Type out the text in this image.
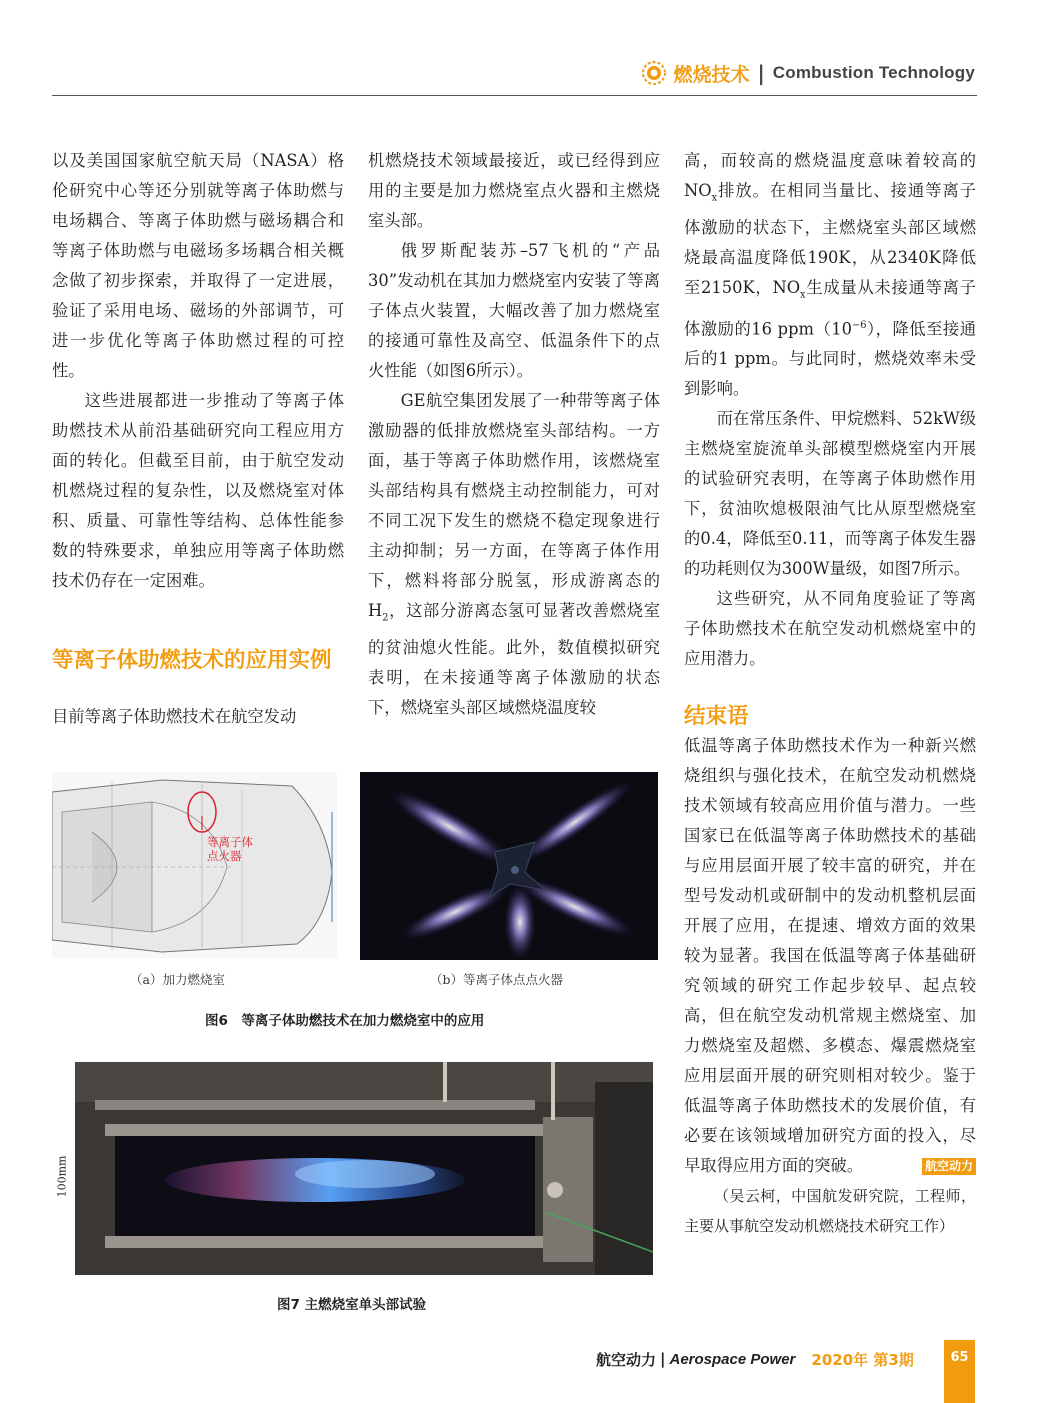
燃烧技术 | Combustion Technology

以及美国国家航空航天局（NASA）格伦研究中心等还分别就等离子体助燃与电场耦合、等离子体助燃与磁场耦合和等离子体助燃与电磁场多场耦合相关概念做了初步探索，并取得了一定进展，验证了采用电场、磁场的外部调节，可进一步优化等离子体助燃过程的可控性。

这些进展都进一步推动了等离子体助燃技术从前沿基础研究向工程应用方面的转化。但截至目前，由于航空发动机燃烧过程的复杂性，以及燃烧室对体积、质量、可靠性等结构、总体性能参数的特殊要求，单独应用等离子体助燃技术仍存在一定困难。

等离子体助燃技术的应用实例
目前等离子体助燃技术在航空发动

机燃烧技术领域最接近，或已经得到应用的主要是加力燃烧室点火器和主燃烧室头部。

俄罗斯配装苏–57飞机的“产品30”发动机在其加力燃烧室内安装了等离子体点火装置，大幅改善了加力燃烧室的接通可靠性及高空、低温条件下的点火性能（如图6所示）。

GE航空集团发展了一种带等离子体激励器的低排放燃烧室头部结构。一方面，基于等离子体助燃作用，该燃烧室头部结构具有燃烧主动控制能力，可对不同工况下发生的燃烧不稳定现象进行主动抑制；另一方面，在等离子体作用下，燃料将部分脱氢，形成游离态的$H_2$，这部分游离态氢可显著改善燃烧室的贫油熄火性能。此外，数值模拟研究表明，在未接通等离子体激励的状态下，燃烧室头部区域燃烧温度较

高，而较高的燃烧温度意味着较高的$NO_x$排放。在相同当量比、接通等离子体激励的状态下，主燃烧室头部区域燃烧最高温度降低190K，从2340K降低至2150K，$NO_x$生成量从未接通等离子体激励的16 $ppm(10^{-6})$，降低至接通后的1 ppm。与此同时，燃烧效率未受到影响。

而在常压条件、甲烷燃料、52kW级主燃烧室旋流单头部模型燃烧室内开展的试验研究表明，在等离子体助燃作用下，贫油吹熄极限油气比从原型燃烧室的0.4，降低至0.11，而等离子体发生器的功耗则仅为300W量级，如图7所示。

这些研究，从不同角度验证了等离子体助燃技术在航空发动机燃烧室中的应用潜力。

结束语

低温等离子体助燃技术作为一种新兴燃烧组织与强化技术，在航空发动机燃烧技术领域有较高应用价值与潜力。一些国家已在低温等离子体助燃技术的基础与应用层面开展了较丰富的研究，并在型号发动机或研制中的发动机整机层面开展了应用，在提速、增效方面的效果较为显著。我国在低温等离子体基础研究领域的研究工作起步较早、起点较高，但在航空发动机常规主燃烧室、加力燃烧室及超燃、多模态、爆震燃烧室应用层面开展的研究则相对较少。鉴于低温等离子体助燃技术的发展价值，有必要在该领域增加研究方面的投入，尽早取得应用方面的突破。	航空动力

（吴云柯，中国航发研究院，工程师，主要从事航空发动机燃烧技术研究工作）

等离子体
点火器
（a）加力燃烧室	（b）等离子体点点火器
图6　等离子体助燃技术在加力燃烧室中的应用
100mm
图7 主燃烧室单头部试验
航空动力 | Aerospace Power 2020年 第3期	65
